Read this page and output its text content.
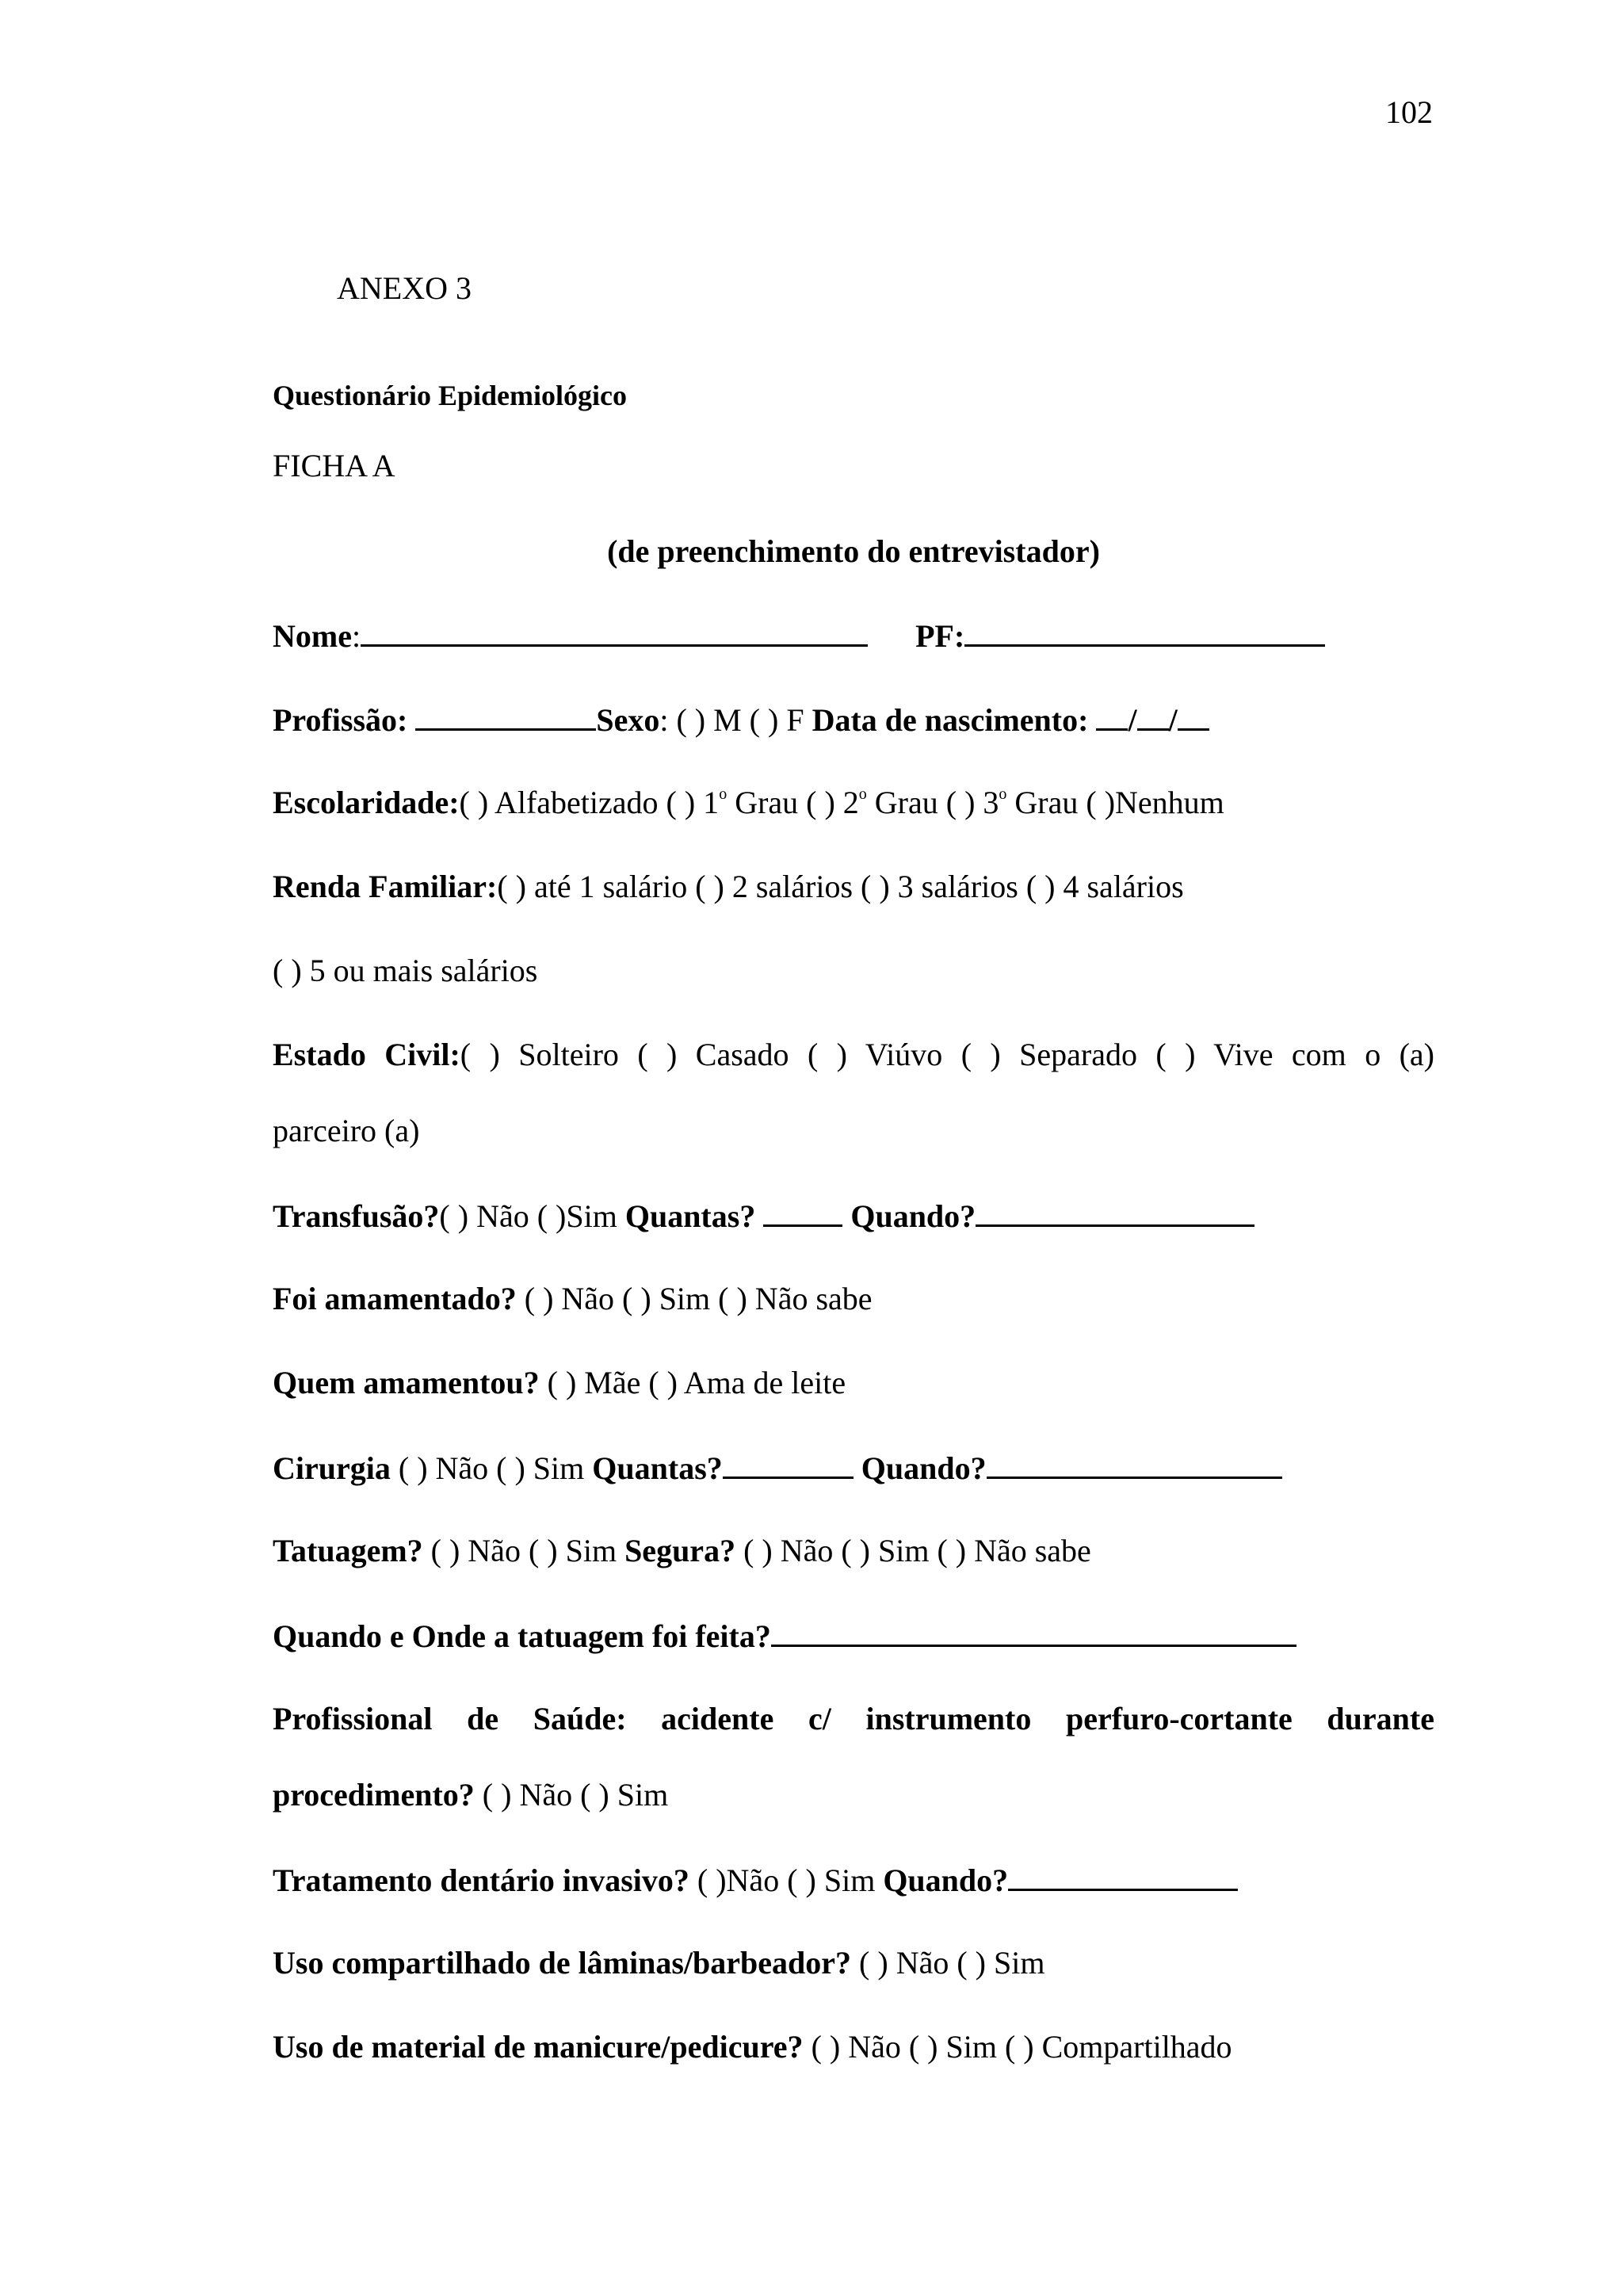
102
ANEXO 3
Questionário Epidemiológico
FICHA A
(de preenchimento do entrevistador)
Nome:	PF:
Profissão:	Sexo: ( ) M ( ) F Data de nascimento: / /
Escolaridade:( ) Alfabetizado ( ) 1$^o$ Grau ( ) 2$^o$ Grau ( ) 3$^o$ Grau ( )Nenhum
Renda Familiar:( ) até 1 salário ( ) 2 salários ( ) 3 salários ( ) 4 salários
( ) 5 ou mais salários
Estado Civil:( ) Solteiro ( ) Casado ( ) Viúvo ( ) Separado ( ) Vive com o (a)
parceiro (a)
Transfusão?( ) Não ( )Sim Quantas?	Quando?
Foi amamentado? ( ) Não ( ) Sim ( ) Não sabe
Quem amamentou? ( ) Mãe ( ) Ama de leite
Cirurgia ( ) Não ( ) Sim Quantas?	Quando?
Tatuagem? ( ) Não ( ) Sim Segura? ( ) Não ( ) Sim ( ) Não sabe
Quando e Onde a tatuagem foi feita?
Profissional de Saúde: acidente c/ instrumento perfuro-cortante durante
procedimento? ( ) Não ( ) Sim
Tratamento dentário invasivo? ( )Não ( ) Sim Quando?
Uso compartilhado de lâminas/barbeador? ( ) Não ( ) Sim
Uso de material de manicure/pedicure? ( ) Não ( ) Sim ( ) Compartilhado
